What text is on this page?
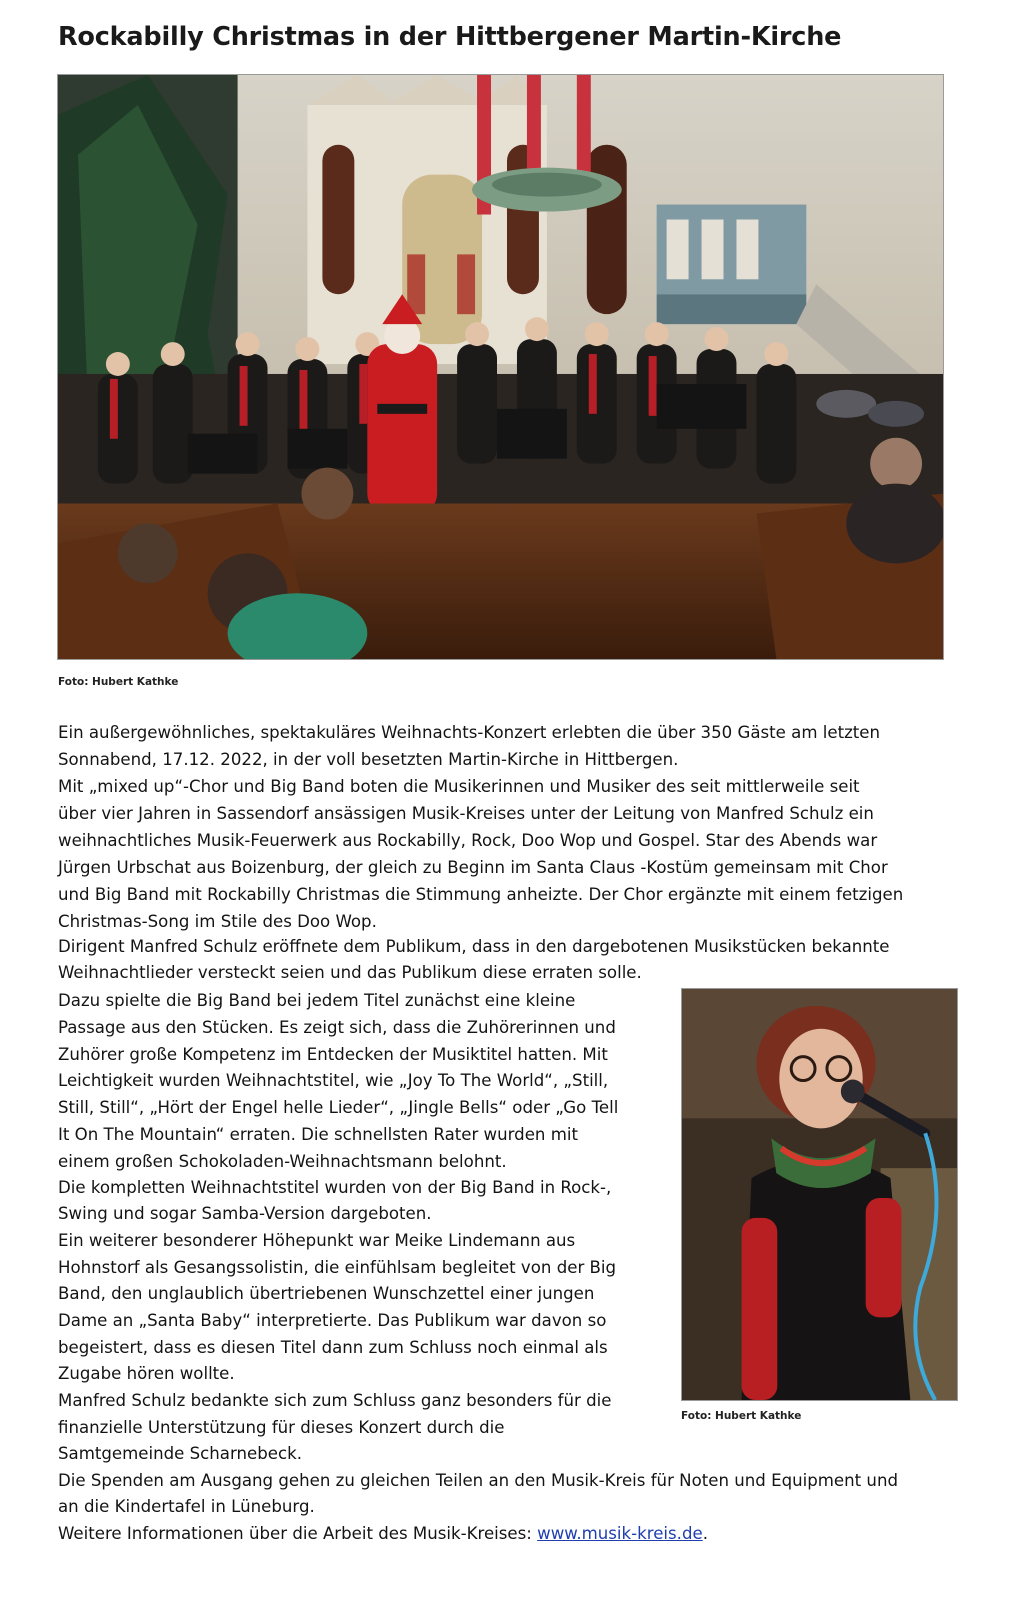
Rockabilly Christmas in der Hittbergener Martin-Kirche
Foto: Hubert Kathke
Foto: Hubert Kathke
Ein außergewöhnliches, spektakuläres Weihnachts-Konzert erlebten die über 350 Gäste am letzten
Sonnabend, 17.12. 2022, in der voll besetzten Martin-Kirche in Hittbergen.
Mit „mixed up“-Chor und Big Band boten die Musikerinnen und Musiker des seit mittlerweile seit
über vier Jahren in Sassendorf ansässigen Musik-Kreises unter der Leitung von Manfred Schulz ein
weihnachtliches Musik-Feuerwerk aus Rockabilly, Rock, Doo Wop und Gospel. Star des Abends war
Jürgen Urbschat aus Boizenburg, der gleich zu Beginn im Santa Claus -Kostüm gemeinsam mit Chor
und Big Band mit Rockabilly Christmas die Stimmung anheizte. Der Chor ergänzte mit einem fetzigen
Christmas-Song im Stile des Doo Wop.
Dirigent Manfred Schulz eröffnete dem Publikum, dass in den dargebotenen Musikstücken bekannte
Weihnachtlieder versteckt seien und das Publikum diese erraten solle.
Dazu spielte die Big Band bei jedem Titel zunächst eine kleine
Passage aus den Stücken. Es zeigt sich, dass die Zuhörerinnen und
Zuhörer große Kompetenz im Entdecken der Musiktitel hatten. Mit
Leichtigkeit wurden Weihnachtstitel, wie „Joy To The World“, „Still,
Still, Still“, „Hört der Engel helle Lieder“, „Jingle Bells“ oder „Go Tell
It On The Mountain“ erraten. Die schnellsten Rater wurden mit
einem großen Schokoladen-Weihnachtsmann belohnt.
Die kompletten Weihnachtstitel wurden von der Big Band in Rock-,
Swing und sogar Samba-Version dargeboten.
Ein weiterer besonderer Höhepunkt war Meike Lindemann aus
Hohnstorf als Gesangssolistin, die einfühlsam begleitet von der Big
Band, den unglaublich übertriebenen Wunschzettel einer jungen
Dame an „Santa Baby“ interpretierte. Das Publikum war davon so
begeistert, dass es diesen Titel dann zum Schluss noch einmal als
Zugabe hören wollte.
Manfred Schulz bedankte sich zum Schluss ganz besonders für die
finanzielle Unterstützung für dieses Konzert durch die
Samtgemeinde Scharnebeck.
Die Spenden am Ausgang gehen zu gleichen Teilen an den Musik-Kreis für Noten und Equipment und
an die Kindertafel in Lüneburg.
Weitere Informationen über die Arbeit des Musik-Kreises: www.musik-kreis.de.
